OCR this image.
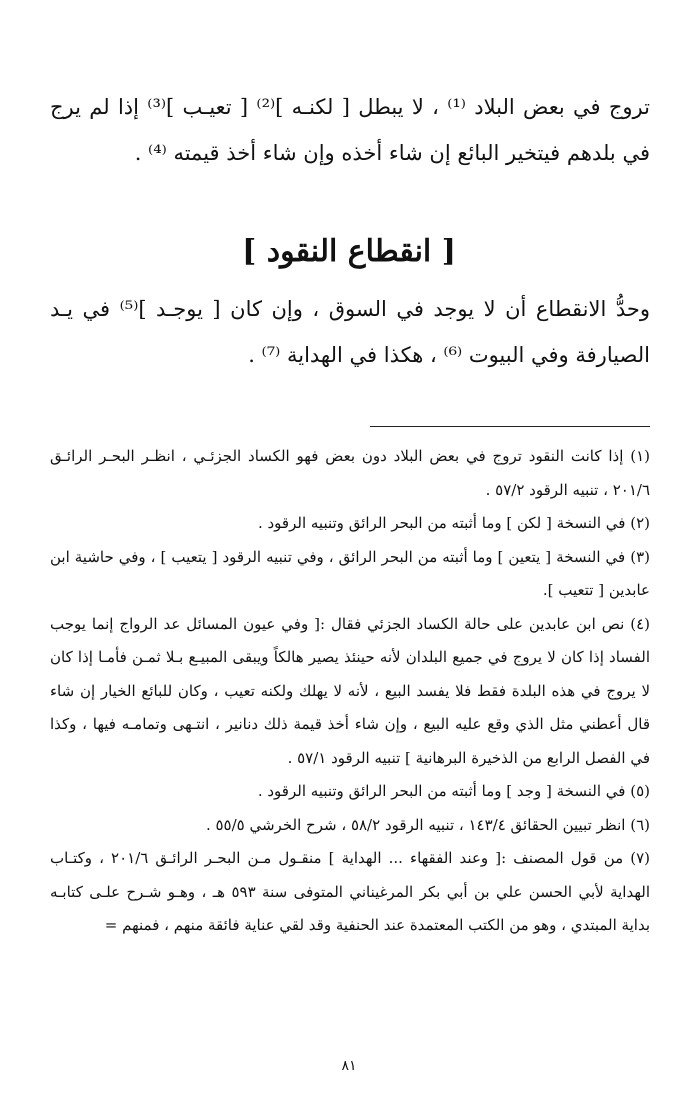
تروج في بعض البلاد ⁽¹⁾ ، لا يبطل [ لكنـه ]⁽²⁾ [ تعيـب ]⁽³⁾ إذا لم يرج في بلدهم فيتخير البائع إن شاء أخذه وإن شاء أخذ قيمته ⁽⁴⁾ .

[ انقطاع النقود ]

وحدُّ الانقطاع أن لا يوجد في السوق ، وإن كان [ يوجـد ]⁽⁵⁾ في يـد الصيارفة وفي البيوت ⁽⁶⁾ ، هكذا في الهداية ⁽⁷⁾ .

(١) إذا كانت النقود تروج في بعض البلاد دون بعض فهو الكساد الجزئـي ، انظـر البحـر الرائـق ٢٠١/٦ ، تنبيه الرقود ٥٧/٢ .

(٢) في النسخة [ لكن ] وما أثبته من البحر الرائق وتنبيه الرقود .

(٣) في النسخة [ يتعين ] وما أثبته من البحر الرائق ، وفي تنبيه الرقود [ يتعيب ] ، وفي حاشية ابن عابدين [ تتعيب ].

(٤) نص ابن عابدين على حالة الكساد الجزئي فقال :[ وفي عيون المسائل عد الرواج إنما يوجب الفساد إذا كان لا يروج في جميع البلدان لأنه حينئذ يصير هالكاً ويبقى المبيـع بـلا ثمـن فأمـا إذا كان لا يروج في هذه البلدة فقط فلا يفسد البيع ، لأنه لا يهلك ولكنه تعيب ، وكان للبائع الخيار إن شاء قال أعطني مثل الذي وقع عليه البيع ، وإن شاء أخذ قيمة ذلك دنانير ، انتـهى وتمامـه فيها ، وكذا في الفصل الرابع من الذخيرة البرهانية ] تنبيه الرقود ٥٧/١ .

(٥) في النسخة [ وجد ] وما أثبته من البحر الرائق وتنبيه الرقود .

(٦) انظر تبيين الحقائق ١٤٣/٤ ، تنبيه الرقود ٥٨/٢ ، شرح الخرشي ٥٥/٥ .

(٧) من قول المصنف :[ وعند الفقهاء ... الهداية ] منقـول مـن البحـر الرائـق ٢٠١/٦ ، وكتـاب الهداية لأبي الحسن علي بن أبي بكر المرغيناني المتوفى سنة ٥٩٣ هـ ، وهـو شـرح علـى كتابـه بداية المبتدي ، وهو من الكتب المعتمدة عند الحنفية وقد لقي عناية فائقة منهم ، فمنهم =

٨١
